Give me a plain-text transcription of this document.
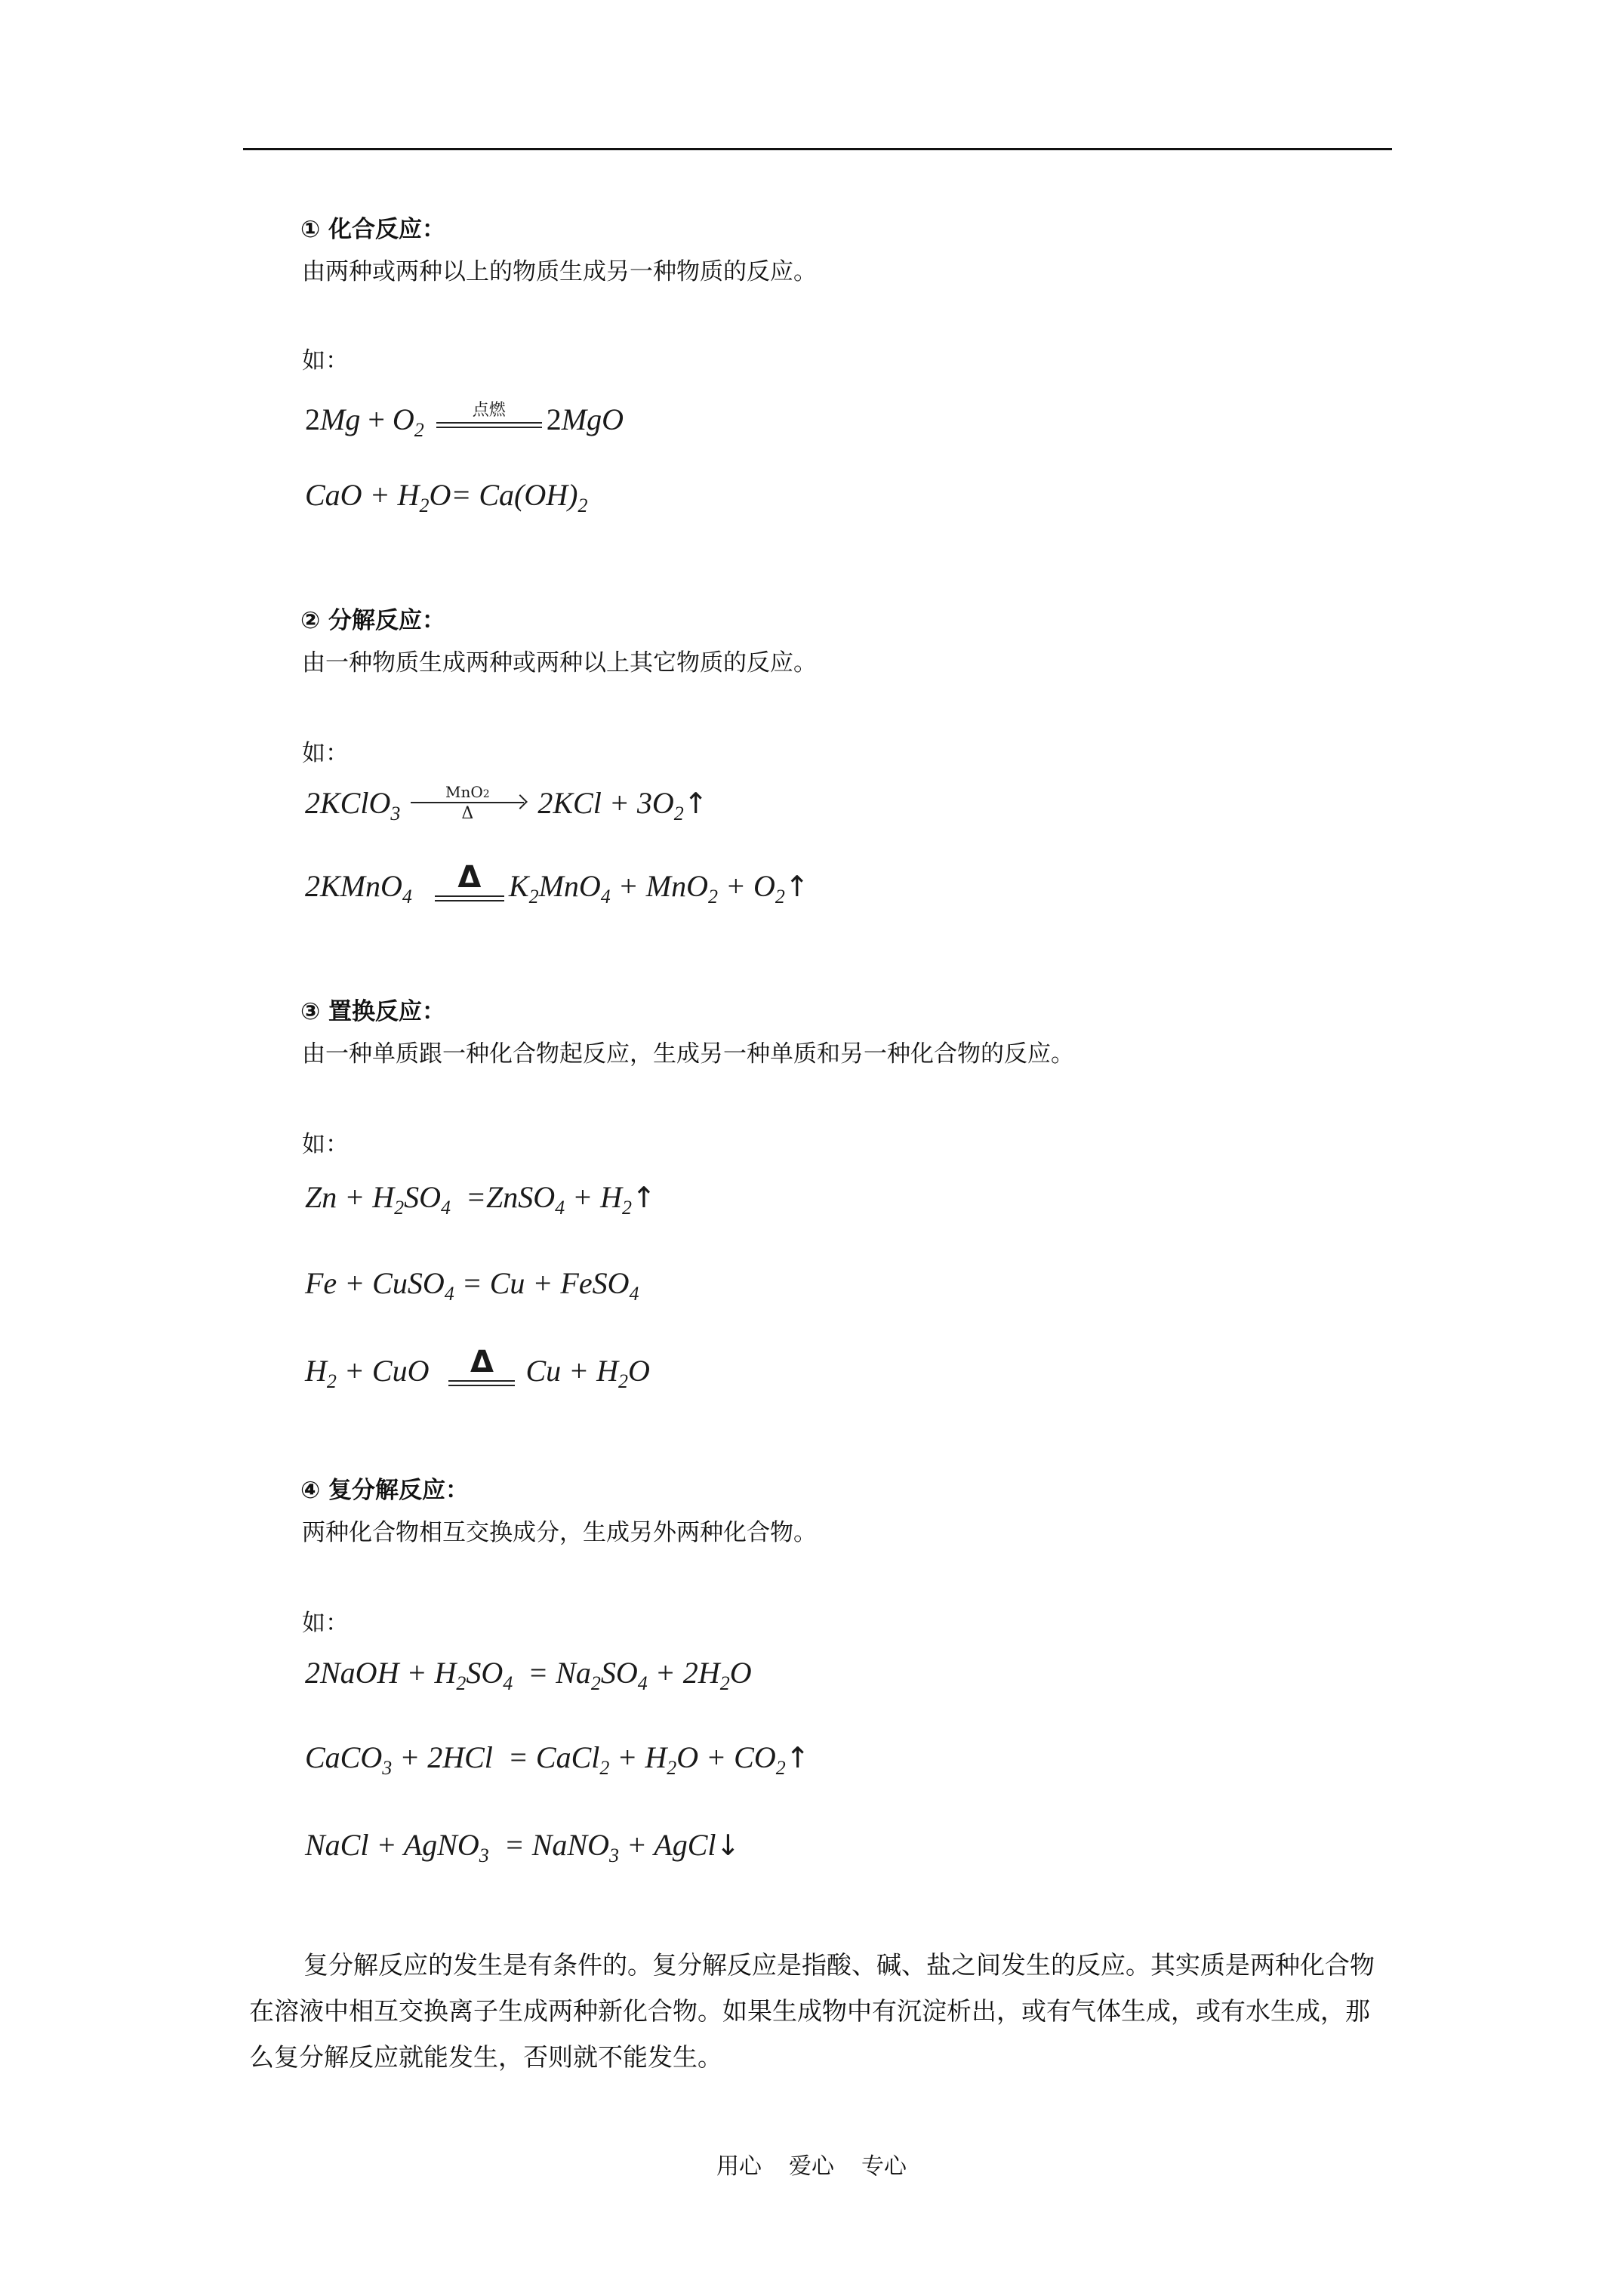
① 化合反应：
由两种或两种以上的物质生成另一种物质的反应。
如：
$2Mg + O_2$
点燃	2MgO
CaO + $H_2O= Ca(OH)_2$
② 分解反应：
由一种物质生成两种或两种以上其它物质的反应。
如：
2KClO$_3$
MnO2
Δ	$2KCl + 3O_2↑$
2KMnO$_4$
Δ $K_2MnO_4 + MnO_2$ + $O_2↑$
③ 置换反应：
由一种单质跟一种化合物起反应，生成另一种单质和另一种化合物的反应。
如：
$Zn + H_2SO_4$  =ZnSO$_4$ + $H_2↑$
Fe + CuSO$_4$ = Cu + FeSO$_4$
$H_2$ + CuO	Δ $Cu + H_2O$
④ 复分解反应：
两种化合物相互交换成分，生成另外两种化合物。
如：
2NaOH + $H_2SO_4 = Na_2SO_4 + 2H_2O$
CaCO$_3$ + 2HCl  = CaCl$_2$ + $H_2O$ + $CO_2↑$
NaCl + AgNO$_3$  = NaNO$_3$ + AgCl↓
复分解反应的发生是有条件的。复分解反应是指酸、碱、盐之间发生的反应。其实质是两种化合物在溶液中相互交换离子生成两种新化合物。如果生成物中有沉淀析出，或有气体生成，或有水生成，那么复分解反应就能发生，否则就不能发生。
用心 爱心 专心
